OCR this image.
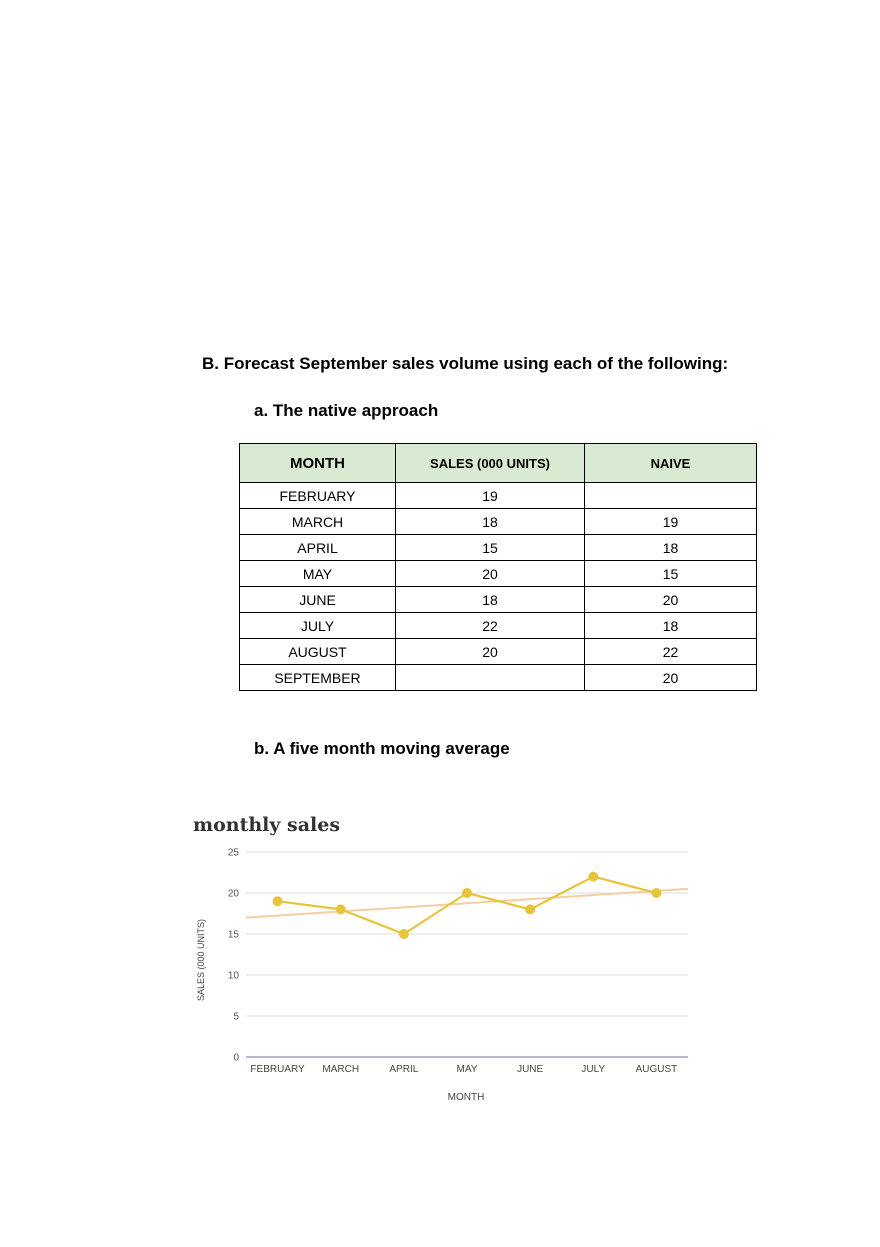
B. Forecast September sales volume using each of the following:
a. The native approach
MONTH	SALES (000 UNITS)	NAIVE
FEBRUARY	19	
MARCH	18	19
APRIL	15	18
MAY	20	15
JUNE	18	20
JULY	22	18
AUGUST	20	22
SEPTEMBER		20
b. A five month moving average
0
5
10
15
20
25
FEBRUARY MARCH	APRIL	MAY	JUNE	JULY	AUGUST
monthly sales
SALES (000 UNITS)
MONTH
